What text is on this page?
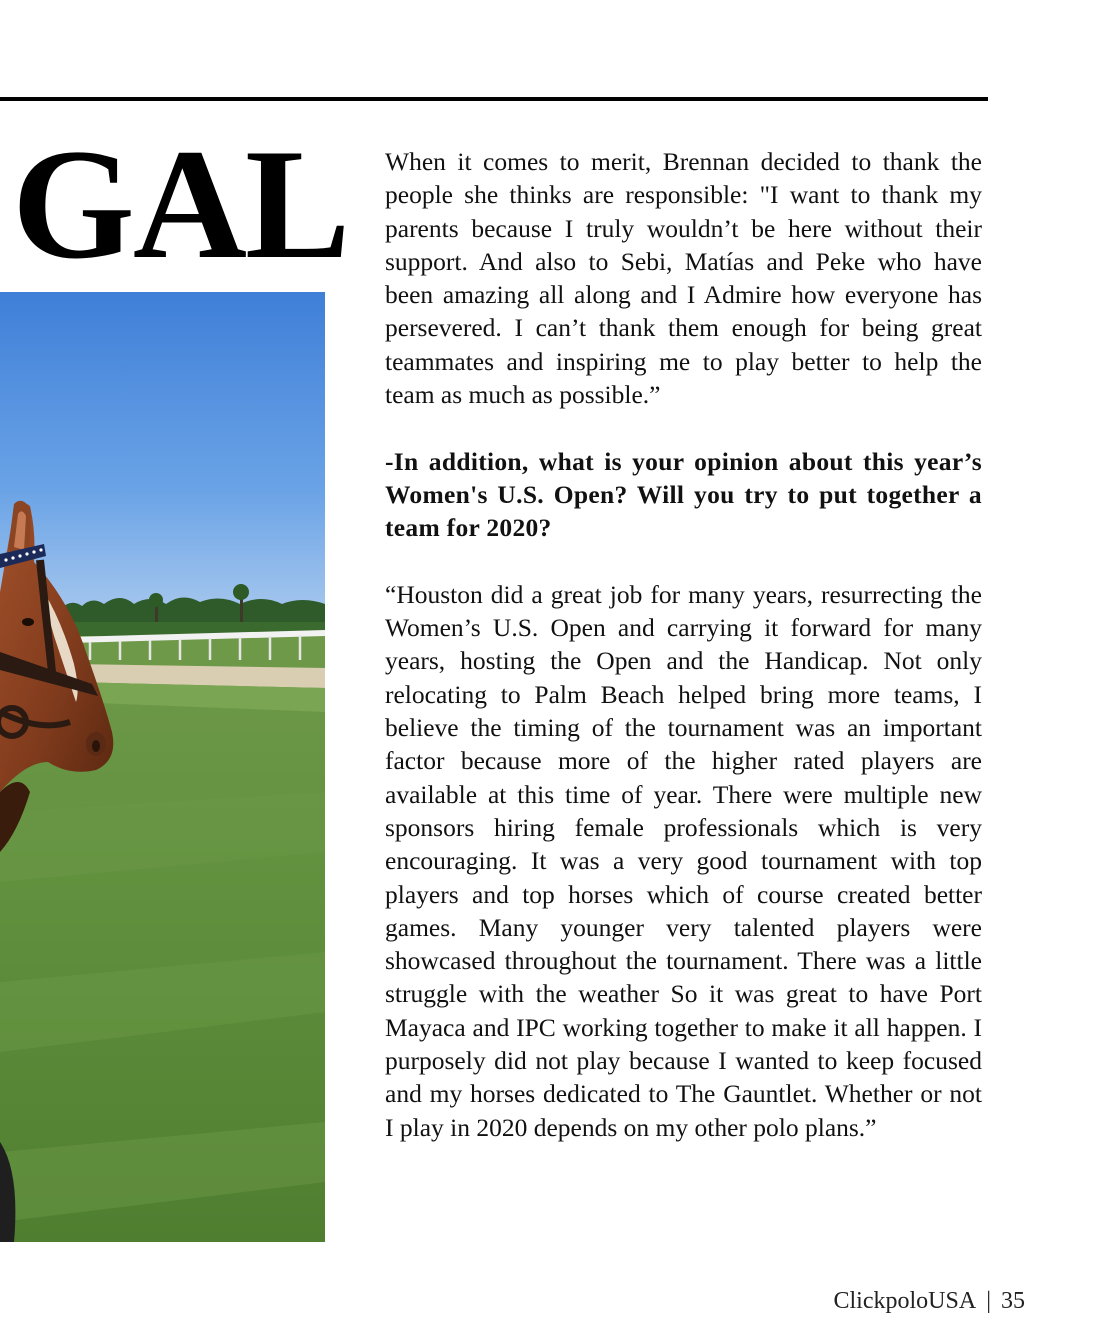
GAL When it comes to merit, Brennan decided to thank the people she thinks are responsible: "I want to thank my parents because I truly wouldn’t be here without their support. And also to Sebi, Matías and Peke who have been amazing all along and I Admire how everyone has persevered. I can’t thank them enough for being great teammates and inspiring me to play better to help the team as much as possible.”

-In addition, what is your opinion about this year’s Women's U.S. Open? Will you try to put together a team for 2020?

“Houston did a great job for many years, resurrecting the Women’s U.S. Open and carrying it forward for many years, hosting the Open and the Handicap. Not only relocating to Palm Beach helped bring more teams, I believe the timing of the tournament was an important factor because more of the higher rated players are available at this time of year. There were multiple new sponsors hiring female professionals which is very encouraging. It was a very good tournament with top players and top horses which of course created better games. Many younger very talented players were showcased throughout the tournament. There was a little struggle with the weather So it was great to have Port Mayaca and IPC working together to make it all happen. I purposely did not play because I wanted to keep focused and my horses dedicated to The Gauntlet. Whether or not I play in 2020 depends on my other polo plans.”

ClickpoloUSA | 35
